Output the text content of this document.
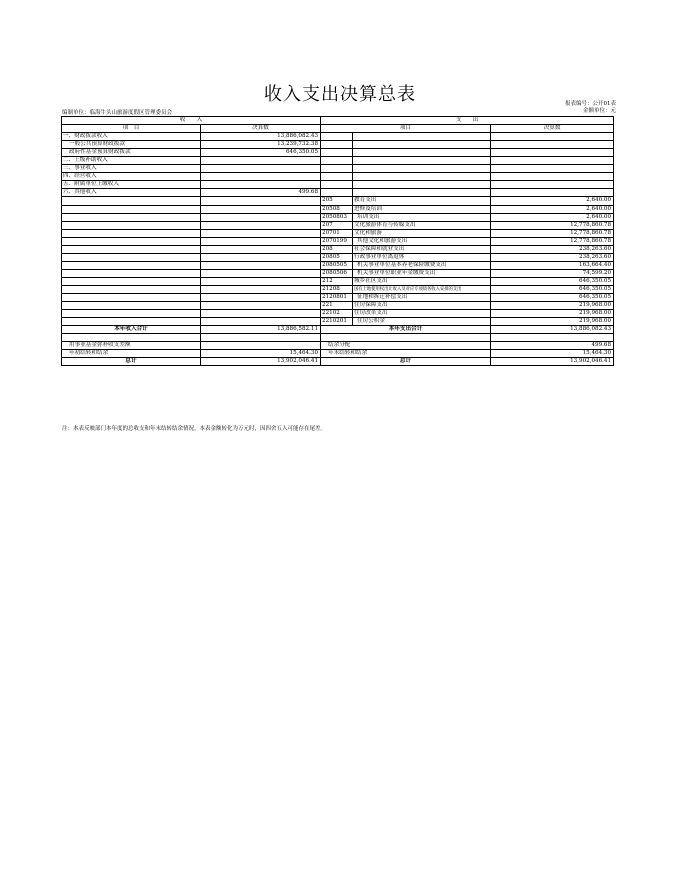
收入支出决算总表	报表编号：公开01表
金额单位：元
编制单位：临海牛头山旅游度假区管理委员会
收　　入		支　　出		
项　目	决算数	项目		决算数
一、财政拨款收入	13,886,082.43			
一般公共预算财政拨款	13,239,732.38			
政府性基金预算财政拨款	646,350.05			
二、上级补助收入				
三、事业收入				
四、经营收入				
五、附属单位上缴收入				
六、其他收入	499.68			
		205	教育支出	2,640.00
		20508	进修及培训	2,640.00
		2050803	培训支出	2,640.00
		207	文化旅游体育与传媒支出	12,778,860.78
		20701	文化和旅游	12,778,860.78
		2070199	其他文化和旅游支出	12,778,860.78
		208	社会保障和就业支出	238,263.60
		20805	行政事业单位离退休	238,263.60
		2080505	机关事业单位基本养老保险缴费支出	163,664.40
		2080506	机关事业单位职业年金缴费支出	74,599.20
		212	城乡社区支出	646,350.05
		21208	国有土地使用权出让收入及对应专项债务收入安排的支出	646,350.05
		2120801	征地和拆迁补偿支出	646,350.05
		221	住房保障支出	219,968.00
		22102	住房改革支出	219,968.00
		2210201	住房公积金	219,968.00
本年收入合计	13,886,582.11	本年支出合计		13,886,082.43

用事业基金弥补收支差额		结余分配		499.68
年初结转和结余	15,464.30	年末结转和结余		15,464.30
总计	13,902,046.41	总计		13,902,046.41
注：本表反映部门本年度的总收支和年末结转结余情况。本表金额转化为万元时，因四舍五入可能存在尾差。
